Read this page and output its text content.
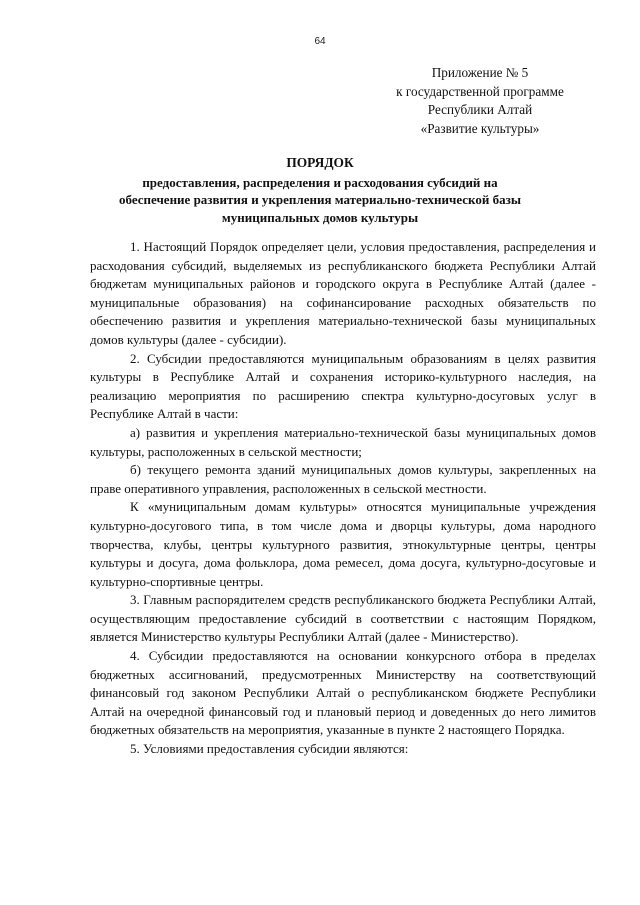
64
Приложение № 5
к государственной программе
Республики Алтай
«Развитие культуры»
ПОРЯДОК
предоставления, распределения и расходования субсидий на
обеспечение развития и укрепления материально-технической базы
муниципальных домов культуры

1. Настоящий Порядок определяет цели, условия предоставления, распределения и расходования субсидий, выделяемых из республиканского бюджета Республики Алтай бюджетам муниципальных районов и городского округа в Республике Алтай (далее - муниципальные образования) на софинансирование расходных обязательств по обеспечению развития и укрепления материально-технической базы муниципальных домов культуры (далее - субсидии).

2. Субсидии предоставляются муниципальным образованиям в целях развития культуры в Республике Алтай и сохранения историко-культурного наследия, на реализацию мероприятия по расширению спектра культурно-досуговых услуг в Республике Алтай в части:

а) развития и укрепления материально-технической базы муниципальных домов культуры, расположенных в сельской местности;

б) текущего ремонта зданий муниципальных домов культуры, закрепленных на праве оперативного управления, расположенных в сельской местности.

К «муниципальным домам культуры» относятся муниципальные учреждения культурно-досугового типа, в том числе дома и дворцы культуры, дома народного творчества, клубы, центры культурного развития, этнокультурные центры, центры культуры и досуга, дома фольклора, дома ремесел, дома досуга, культурно-досуговые и культурно-спортивные центры.

3. Главным распорядителем средств республиканского бюджета Республики Алтай, осуществляющим предоставление субсидий в соответствии с настоящим Порядком, является Министерство культуры Республики Алтай (далее - Министерство).

4. Субсидии предоставляются на основании конкурсного отбора в пределах бюджетных ассигнований, предусмотренных Министерству на соответствующий финансовый год законом Республики Алтай о республиканском бюджете Республики Алтай на очередной финансовый год и плановый период и доведенных до него лимитов бюджетных обязательств на мероприятия, указанные в пункте 2 настоящего Порядка.

5. Условиями предоставления субсидии являются:
